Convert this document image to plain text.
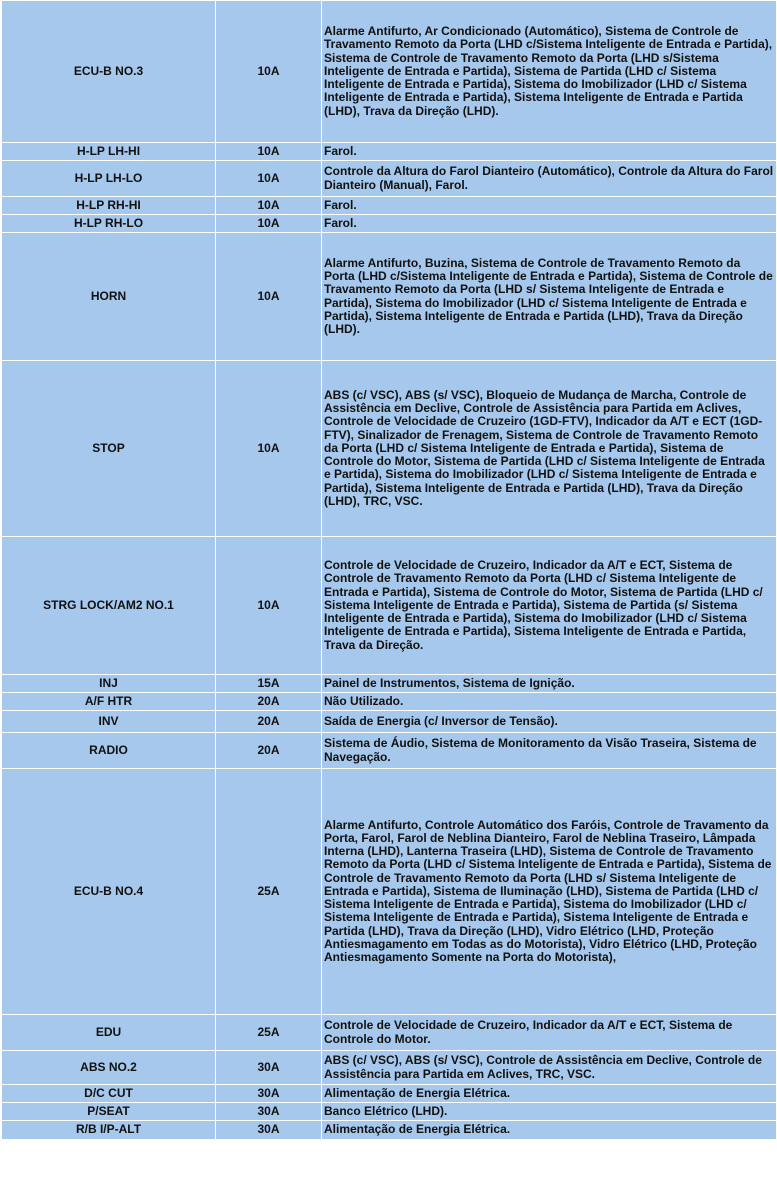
ECU-B NO.3	10A	Alarme Antifurto, Ar Condicionado (Automático), Sistema de Controle de Travamento Remoto da Porta (LHD c/Sistema Inteligente de Entrada e Partida), Sistema de Controle de Travamento Remoto da Porta (LHD s/Sistema Inteligente de Entrada e Partida), Sistema de Partida (LHD c/ Sistema Inteligente de Entrada e Partida), Sistema do Imobilizador (LHD c/ Sistema Inteligente de Entrada e Partida), Sistema Inteligente de Entrada e Partida (LHD), Trava da Direção (LHD).
H-LP LH-HI	10A	Farol.
H-LP LH-LO	10A	Controle da Altura do Farol Dianteiro (Automático), Controle da Altura do Farol Dianteiro (Manual), Farol.
H-LP RH-HI	10A	Farol.
H-LP RH-LO	10A	Farol.
HORN	10A	Alarme Antifurto, Buzina, Sistema de Controle de Travamento Remoto da Porta (LHD c/Sistema Inteligente de Entrada e Partida), Sistema de Controle de Travamento Remoto da Porta (LHD s/ Sistema Inteligente de Entrada e Partida), Sistema do Imobilizador (LHD c/ Sistema Inteligente de Entrada e Partida), Sistema Inteligente de Entrada e Partida (LHD), Trava da Direção (LHD).
STOP	10A	ABS (c/ VSC), ABS (s/ VSC), Bloqueio de Mudança de Marcha, Controle de Assistência em Declive, Controle de Assistência para Partida em Aclives, Controle de Velocidade de Cruzeiro (1GD-FTV), Indicador da A/T e ECT (1GD-FTV), Sinalizador de Frenagem, Sistema de Controle de Travamento Remoto da Porta (LHD c/ Sistema Inteligente de Entrada e Partida), Sistema de Controle do Motor, Sistema de Partida (LHD c/ Sistema Inteligente de Entrada e Partida), Sistema do Imobilizador (LHD c/ Sistema Inteligente de Entrada e Partida), Sistema Inteligente de Entrada e Partida (LHD), Trava da Direção (LHD), TRC, VSC.
STRG LOCK/AM2 NO.1	10A	Controle de Velocidade de Cruzeiro, Indicador da A/T e ECT, Sistema de Controle de Travamento Remoto da Porta (LHD c/ Sistema Inteligente de Entrada e Partida), Sistema de Controle do Motor, Sistema de Partida (LHD c/ Sistema Inteligente de Entrada e Partida), Sistema de Partida (s/ Sistema Inteligente de Entrada e Partida), Sistema do Imobilizador (LHD c/ Sistema Inteligente de Entrada e Partida), Sistema Inteligente de Entrada e Partida, Trava da Direção.
INJ	15A	Painel de Instrumentos, Sistema de Ignição.
A/F HTR	20A	Não Utilizado.
INV	20A	Saída de Energia (c/ Inversor de Tensão).
RADIO	20A	Sistema de Áudio, Sistema de Monitoramento da Visão Traseira, Sistema de Navegação.
ECU-B NO.4	25A	Alarme Antifurto, Controle Automático dos Faróis, Controle de Travamento da Porta, Farol, Farol de Neblina Dianteiro, Farol de Neblina Traseiro, Lâmpada Interna (LHD), Lanterna Traseira (LHD), Sistema de Controle de Travamento Remoto da Porta (LHD c/ Sistema Inteligente de Entrada e Partida), Sistema de Controle de Travamento Remoto da Porta (LHD s/ Sistema Inteligente de Entrada e Partida), Sistema de Iluminação (LHD), Sistema de Partida (LHD c/ Sistema Inteligente de Entrada e Partida), Sistema do Imobilizador (LHD c/ Sistema Inteligente de Entrada e Partida), Sistema Inteligente de Entrada e Partida (LHD), Trava da Direção (LHD), Vidro Elétrico (LHD, Proteção Antiesmagamento em Todas as do Motorista), Vidro Elétrico (LHD, Proteção Antiesmagamento Somente na Porta do Motorista),
EDU	25A	Controle de Velocidade de Cruzeiro, Indicador da A/T e ECT, Sistema de Controle do Motor.
ABS NO.2	30A	ABS (c/ VSC), ABS (s/ VSC), Controle de Assistência em Declive, Controle de Assistência para Partida em Aclives, TRC, VSC.
D/C CUT	30A	Alimentação de Energia Elétrica.
P/SEAT	30A	Banco Elétrico (LHD).
R/B I/P-ALT	30A	Alimentação de Energia Elétrica.
